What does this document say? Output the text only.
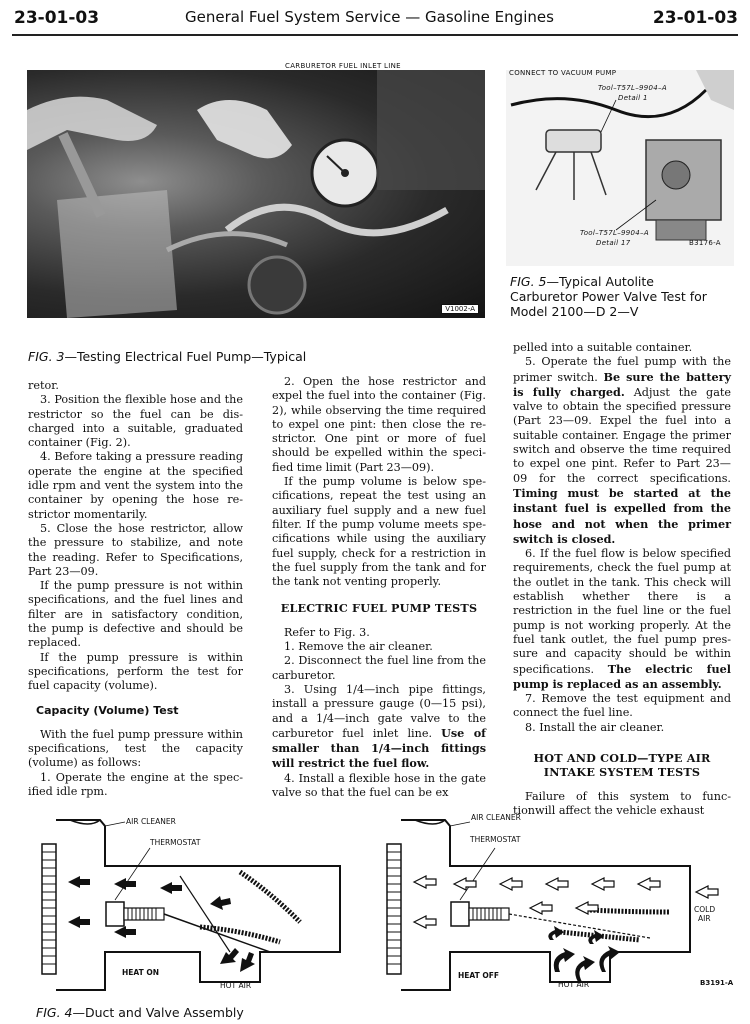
23-01-03	General Fuel System Service — Gasoline Engines	23-01-03
V1002-A
CARBURETOR FUEL INLET LINE
FIG. 3—Testing Electrical Fuel Pump—Typical
CONNECT TO VACUUM PUMP
Tool–T57L–9904–A
Detail 1
Tool–T57L–9904–A
Detail 17	B3176-A
FIG. 5—Typical Autolite
Carburetor Power Valve Test for
Model 2100—D 2—V

retor.

3. Position the flexible hose and the restrictor so the fuel can be discharged into a suitable, graduated container (Fig. 2).

4. Before taking a pressure reading operate the engine at the specified idle rpm and vent the system into the container by opening the hose restrictor momentarily.

5. Close the hose restrictor, allow the pressure to stabilize, and note the reading. Refer to Specifications, Part 23—09.

If the pump pressure is not within specifications, and the fuel lines and filter are in satisfactory condition, the pump is defective and should be replaced.

If the pump pressure is within specifications, perform the test for fuel capacity (volume).

Capacity (Volume) Test

With the fuel pump pressure within specifications, test the capacity (volume) as follows:

1. Operate the engine at the specified idle rpm.

2. Open the hose restrictor and expel the fuel into the container (Fig. 2), while observing the time required to expel one pint: then close the restrictor. One pint or more of fuel should be expelled within the specified time limit (Part 23—09).

If the pump volume is below specifications, repeat the test using an auxiliary fuel supply and a new fuel filter. If the pump volume meets specifications while using the auxiliary fuel supply, check for a restriction in the fuel supply from the tank and for the tank not venting properly.

ELECTRIC FUEL PUMP TESTS

Refer to Fig. 3.

1. Remove the air cleaner.

2. Disconnect the fuel line from the carburetor.

3. Using 1/4—inch pipe fittings, install a pressure gauge (0—15 psi), and a 1/4—inch gate valve to the carburetor fuel inlet line. Use of smaller than 1/4—inch fittings will restrict the fuel flow.

4. Install a flexible hose in the gate valve so that the fuel can be ex

pelled into a suitable container.

5. Operate the fuel pump with the primer switch. Be sure the battery is fully charged. Adjust the gate valve to obtain the specified pressure (Part 23—09. Expel the fuel into a suitable container. Engage the primer switch and observe the time required to expel one pint. Refer to Part 23—09 for the correct specifications. Timing must be started at the instant fuel is expelled from the hose and not when the primer switch is closed.

6. If the fuel flow is below specified requirements, check the fuel pump at the outlet in the tank. This check will establish whether there is a restriction in the fuel line or the fuel pump is not working properly. At the fuel tank outlet, the fuel pump pressure and capacity should be within specifications. The electric fuel pump is replaced as an assembly.

7. Remove the test equipment and connect the fuel line.

8. Install the air cleaner.

HOT AND COLD—TYPE AIR INTAKE SYSTEM TESTS

Failure of this system to functionwill affect the vehicle exhaust

AIR CLEANER
THERMOSTAT
HEAT ON
HOT AIR
AIR CLEANER
THERMOSTAT
HEAT OFF
HOT AIR
COLD
AIR
B3191-A
FIG. 4—Duct and Valve Assembly
